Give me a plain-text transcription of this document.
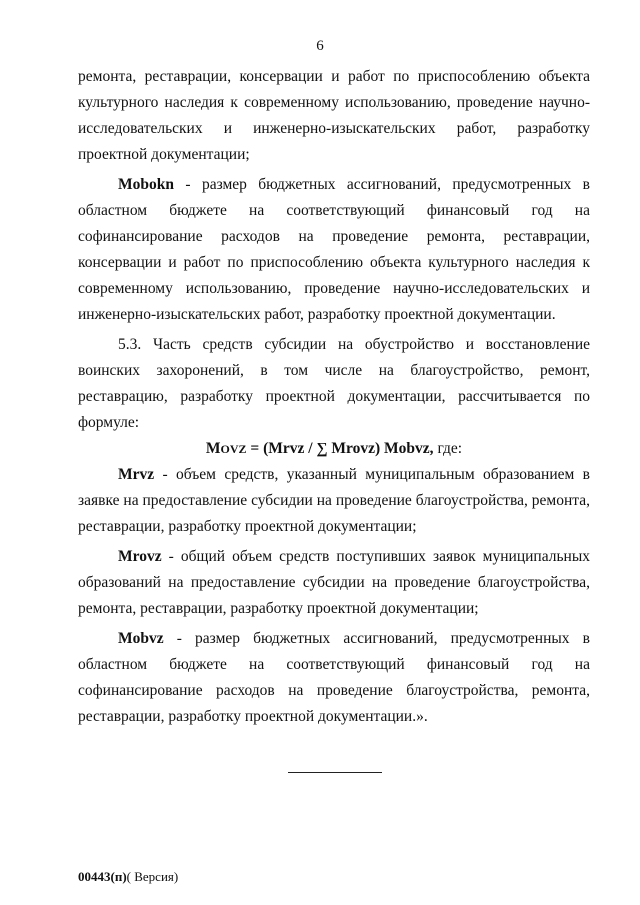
6

ремонта, реставрации, консервации и работ по приспособлению объекта культурного наследия к современному использованию, проведение научно-исследовательских и инженерно-изыскательских работ, разработку проектной документации;

Mobokn - размер бюджетных ассигнований, предусмотренных в областном бюджете на соответствующий финансовый год на софинансирование расходов на проведение ремонта, реставрации, консервации и работ по приспособлению объекта культурного наследия к современному использованию, проведение научно-исследовательских и инженерно-изыскательских работ, разработку проектной документации.

5.3. Часть средств субсидии на обустройство и восстановление воинских захоронений, в том числе на благоустройство, ремонт, реставрацию, разработку проектной документации, рассчитывается по формуле:

MOVZ = (Mrvz / ∑ Mrovz) Mobvz, где:

Mrvz - объем средств, указанный муниципальным образованием в заявке на предоставление субсидии на проведение благоустройства, ремонта, реставрации, разработку проектной документации;

Mrovz - общий объем средств поступивших заявок муниципальных образований на предоставление субсидии на проведение благоустройства, ремонта, реставрации, разработку проектной документации;

Mobvz - размер бюджетных ассигнований, предусмотренных в областном бюджете на соответствующий финансовый год на софинансирование расходов на проведение благоустройства, ремонта, реставрации, разработку проектной документации.».

00443(п)( Версия)
